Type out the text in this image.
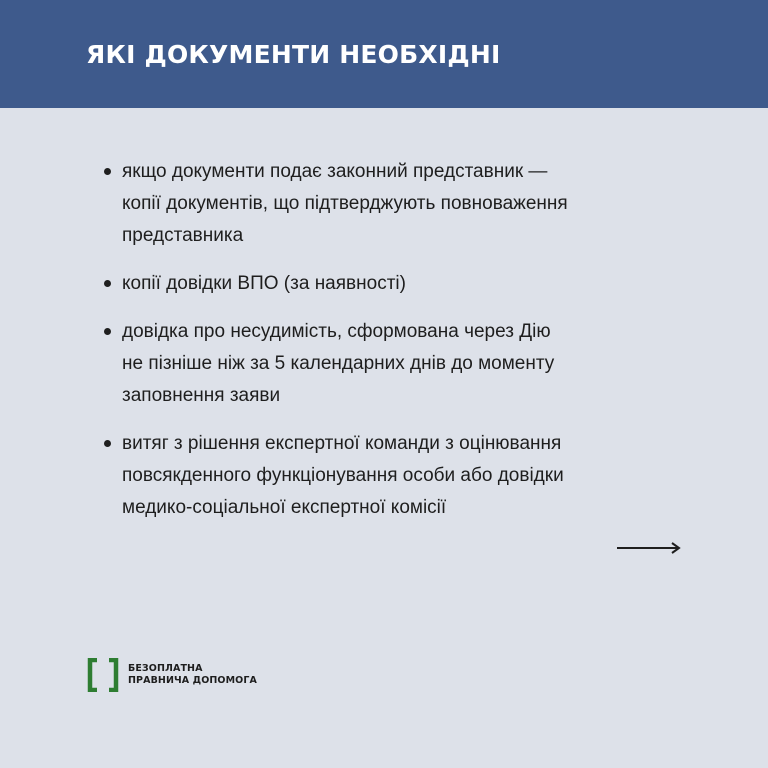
ЯКІ ДОКУМЕНТИ НЕОБХІДНІ
якщо документи подає законний представник —
копії документів, що підтверджують повноваження
представника
копії довідки ВПО (за наявності)
довідка про несудимість, сформована через Дію
не пізніше ніж за 5 календарних днів до моменту
заповнення заяви
витяг з рішення експертної команди з оцінювання
повсякденного функціонування особи або довідки
медико-соціальної експертної комісії
БЕЗОПЛАТНА
ПРАВНИЧА ДОПОМОГА
